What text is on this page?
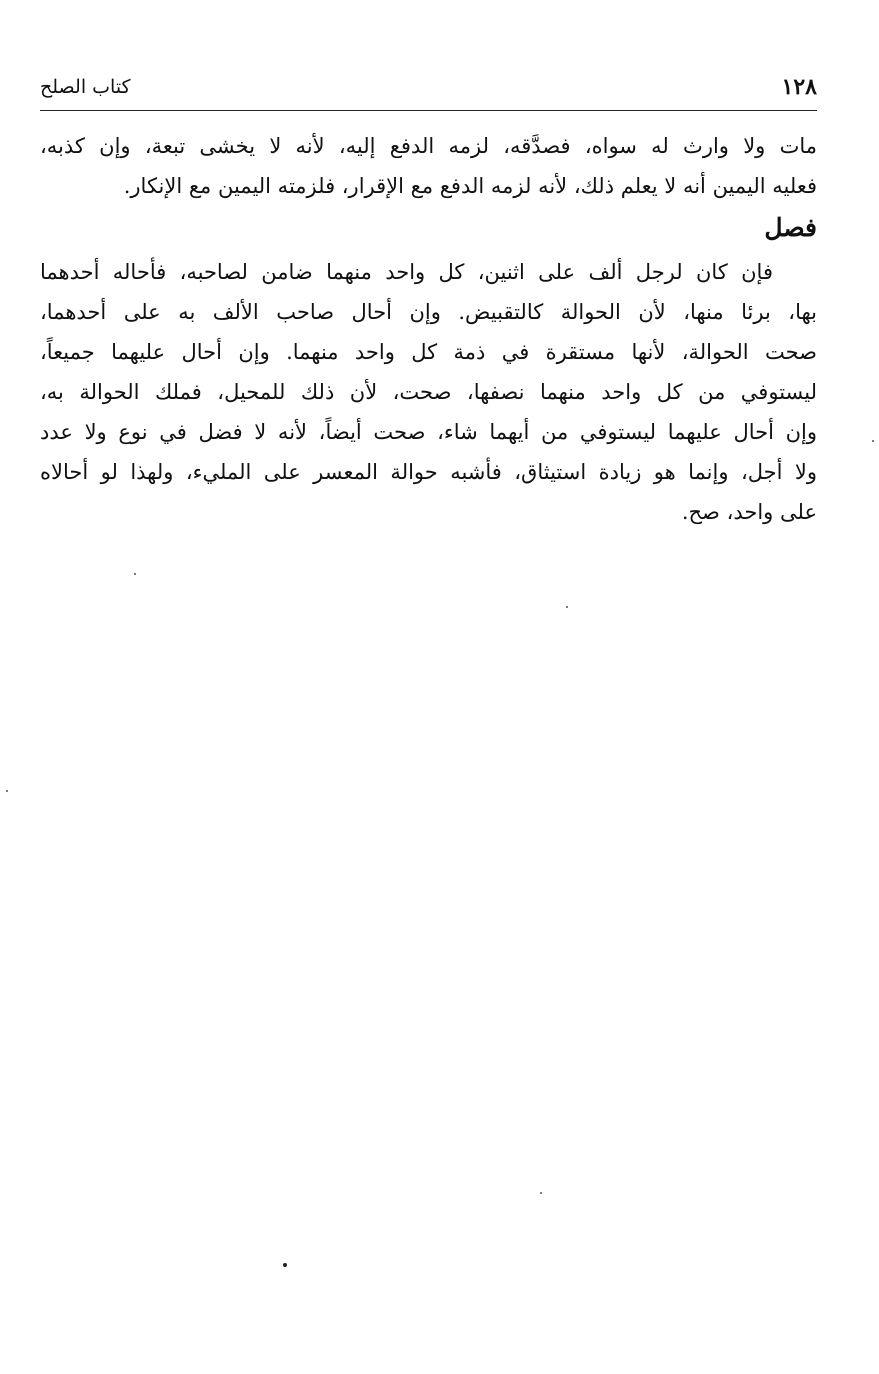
١٢٨
كتاب الصلح
مات ولا وارث له سواه، فصدَّقه، لزمه الدفع إليه، لأنه لا يخشى تبعة، وإن كذبه،
فعليه اليمين أنه لا يعلم ذلك، لأنه لزمه الدفع مع الإقرار، فلزمته اليمين مع الإنكار.
فصل
فإن كان لرجل ألف على اثنين، كل واحد منهما ضامن لصاحبه، فأحاله أحدهما
بها، برئا منها، لأن الحوالة كالتقبيض. وإن أحال صاحب الألف به على أحدهما،
صحت الحوالة، لأنها مستقرة في ذمة كل واحد منهما. وإن أحال عليهما جميعاً،
ليستوفي من كل واحد منهما نصفها، صحت، لأن ذلك للمحيل، فملك الحوالة به،
وإن أحال عليهما ليستوفي من أيهما شاء، صحت أيضاً، لأنه لا فضل في نوع ولا عدد
ولا أجل، وإنما هو زيادة استيثاق، فأشبه حوالة المعسر على المليء، ولهذا لو أحالاه
على واحد، صح.
